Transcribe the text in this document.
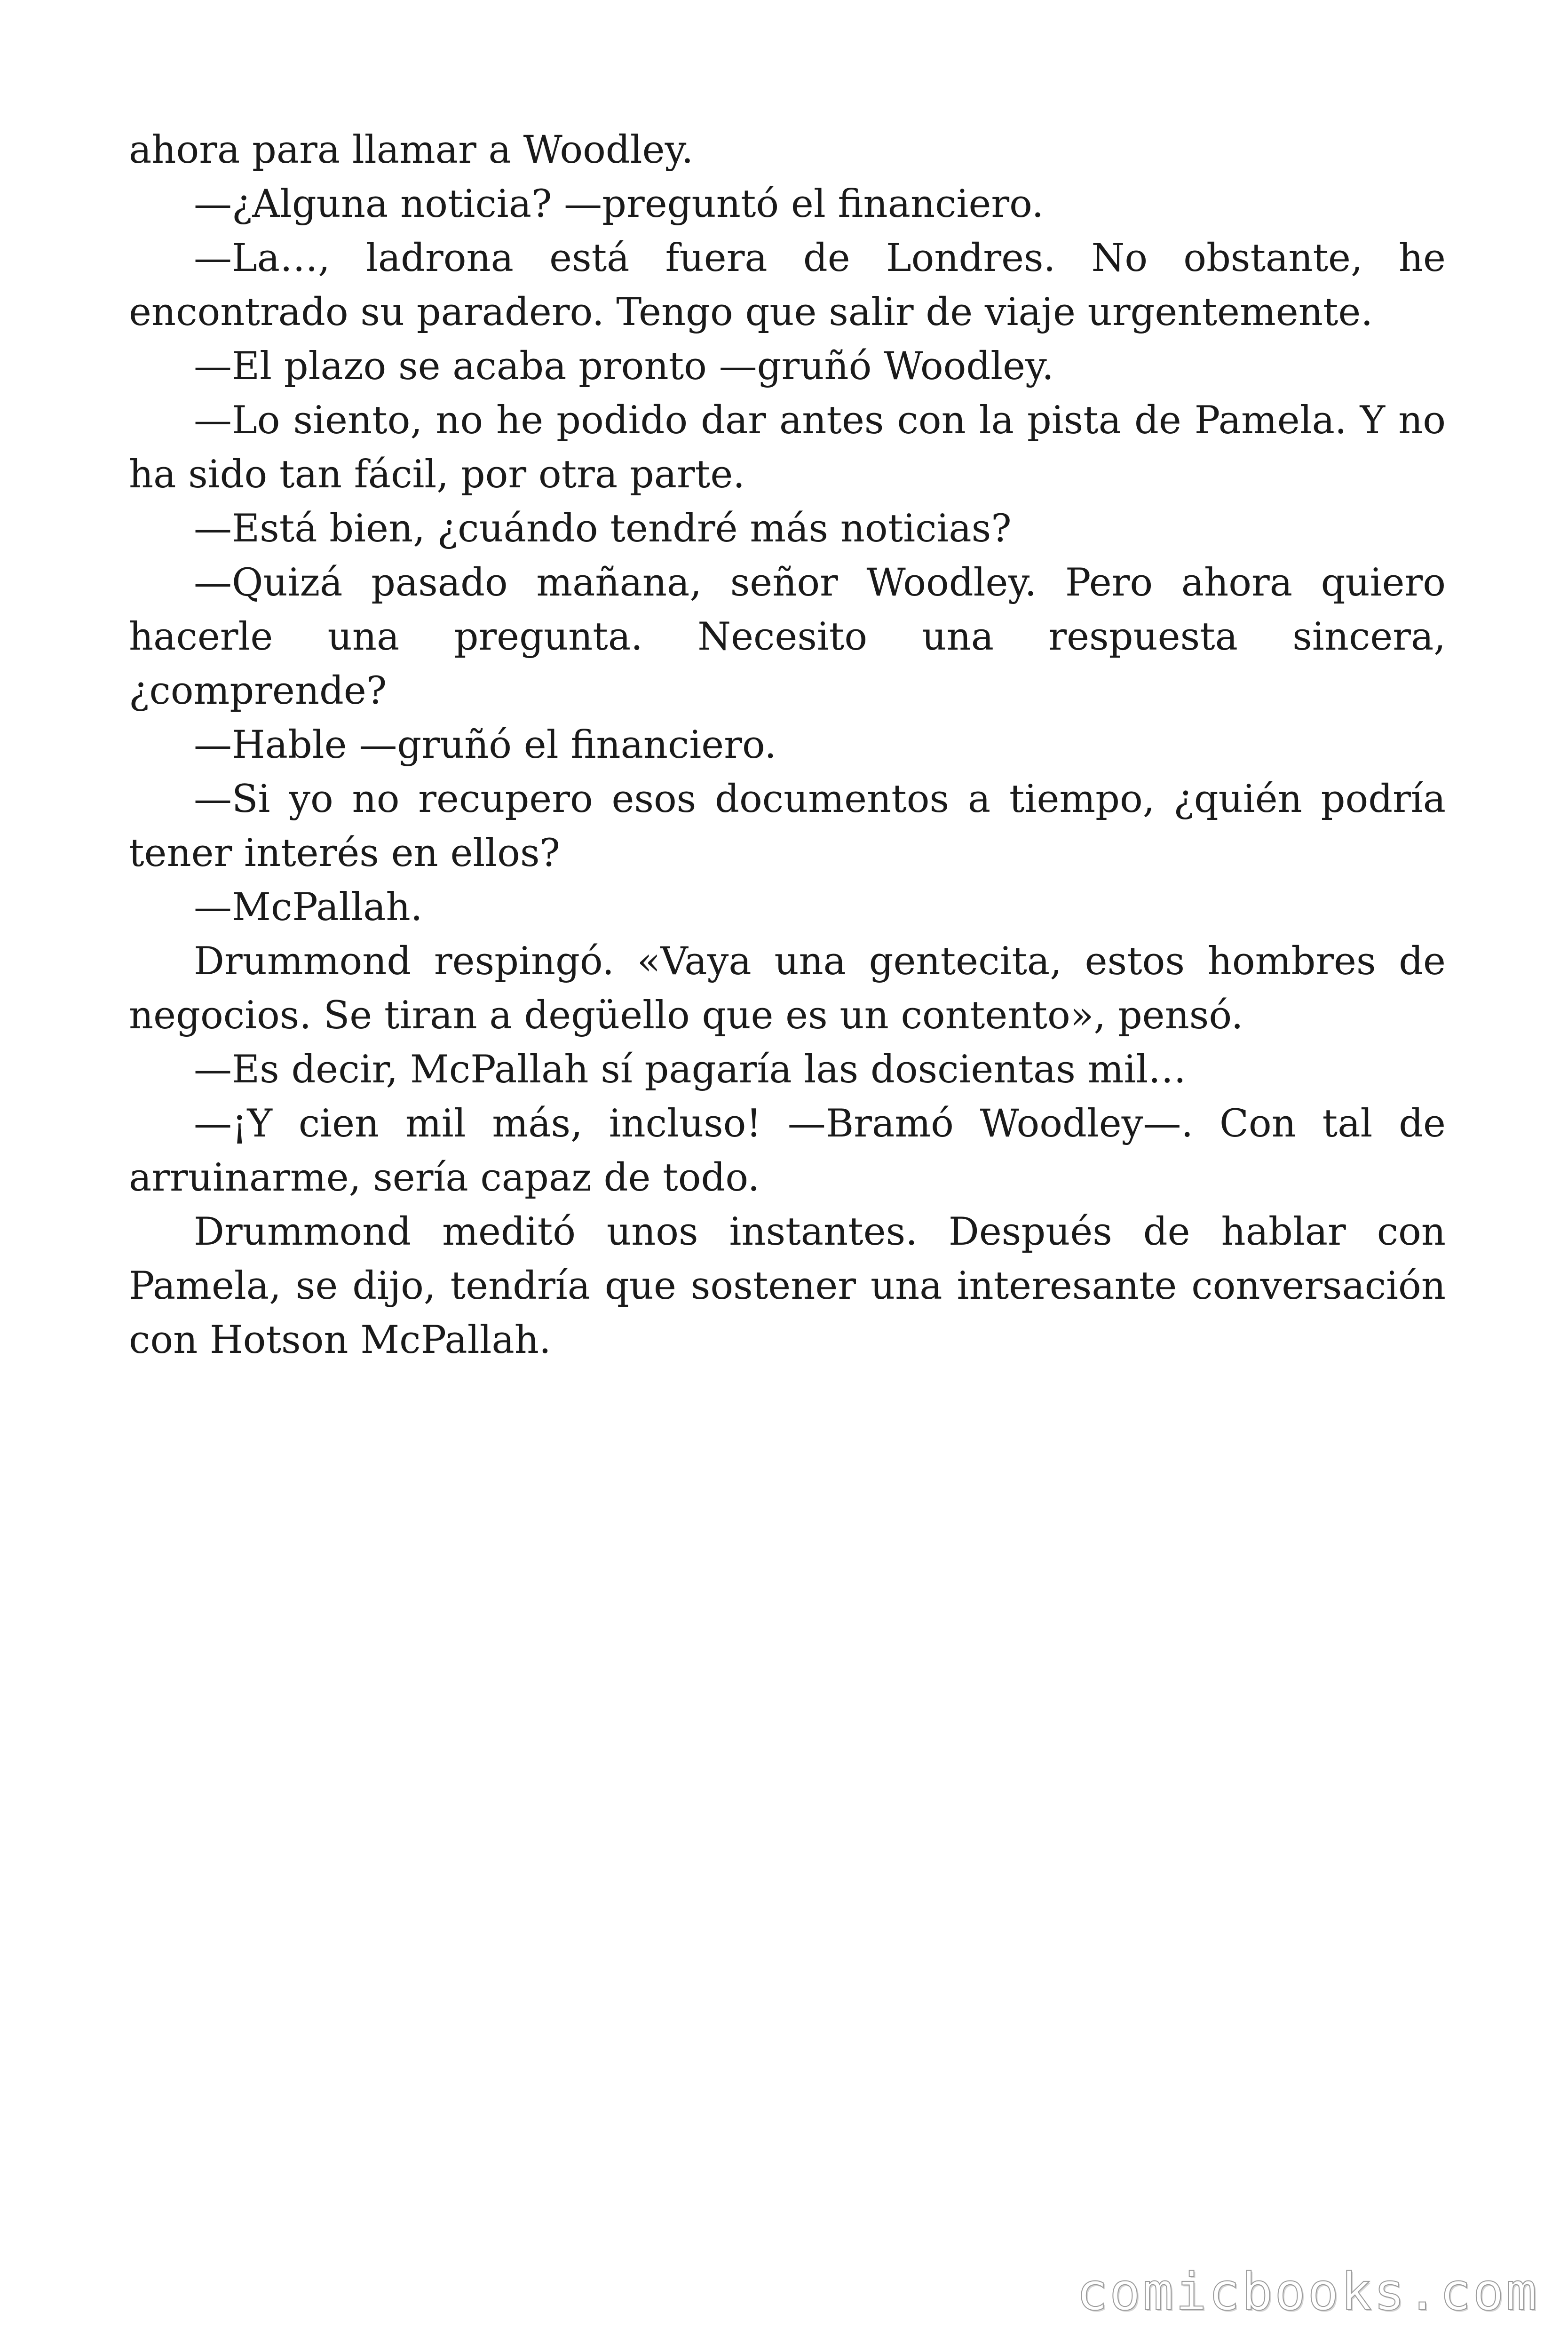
ahora para llamar a Woodley.

—¿Alguna noticia? —preguntó el financiero.

—La…, ladrona está fuera de Londres. No obstante, he encontrado su paradero. Tengo que salir de viaje urgentemente.

—El plazo se acaba pronto —gruñó Woodley.

—Lo siento, no he podido dar antes con la pista de Pamela. Y no ha sido tan fácil, por otra parte.

—Está bien, ¿cuándo tendré más noticias?

—Quizá pasado mañana, señor Woodley. Pero ahora quiero hacerle una pregunta. Necesito una respuesta sincera, ¿comprende?

—Hable —gruñó el financiero.

—Si yo no recupero esos documentos a tiempo, ¿quién podría tener interés en ellos?

—McPallah.

Drummond respingó. «Vaya una gentecita, estos hombres de negocios. Se tiran a degüello que es un contento», pensó.

—Es decir, McPallah sí pagaría las doscientas mil…

—¡Y cien mil más, incluso! —Bramó Woodley—. Con tal de arruinarme, sería capaz de todo.

Drummond meditó unos instantes. Después de hablar con Pamela, se dijo, tendría que sostener una interesante conversación con Hotson McPallah.

comicbooks.com
